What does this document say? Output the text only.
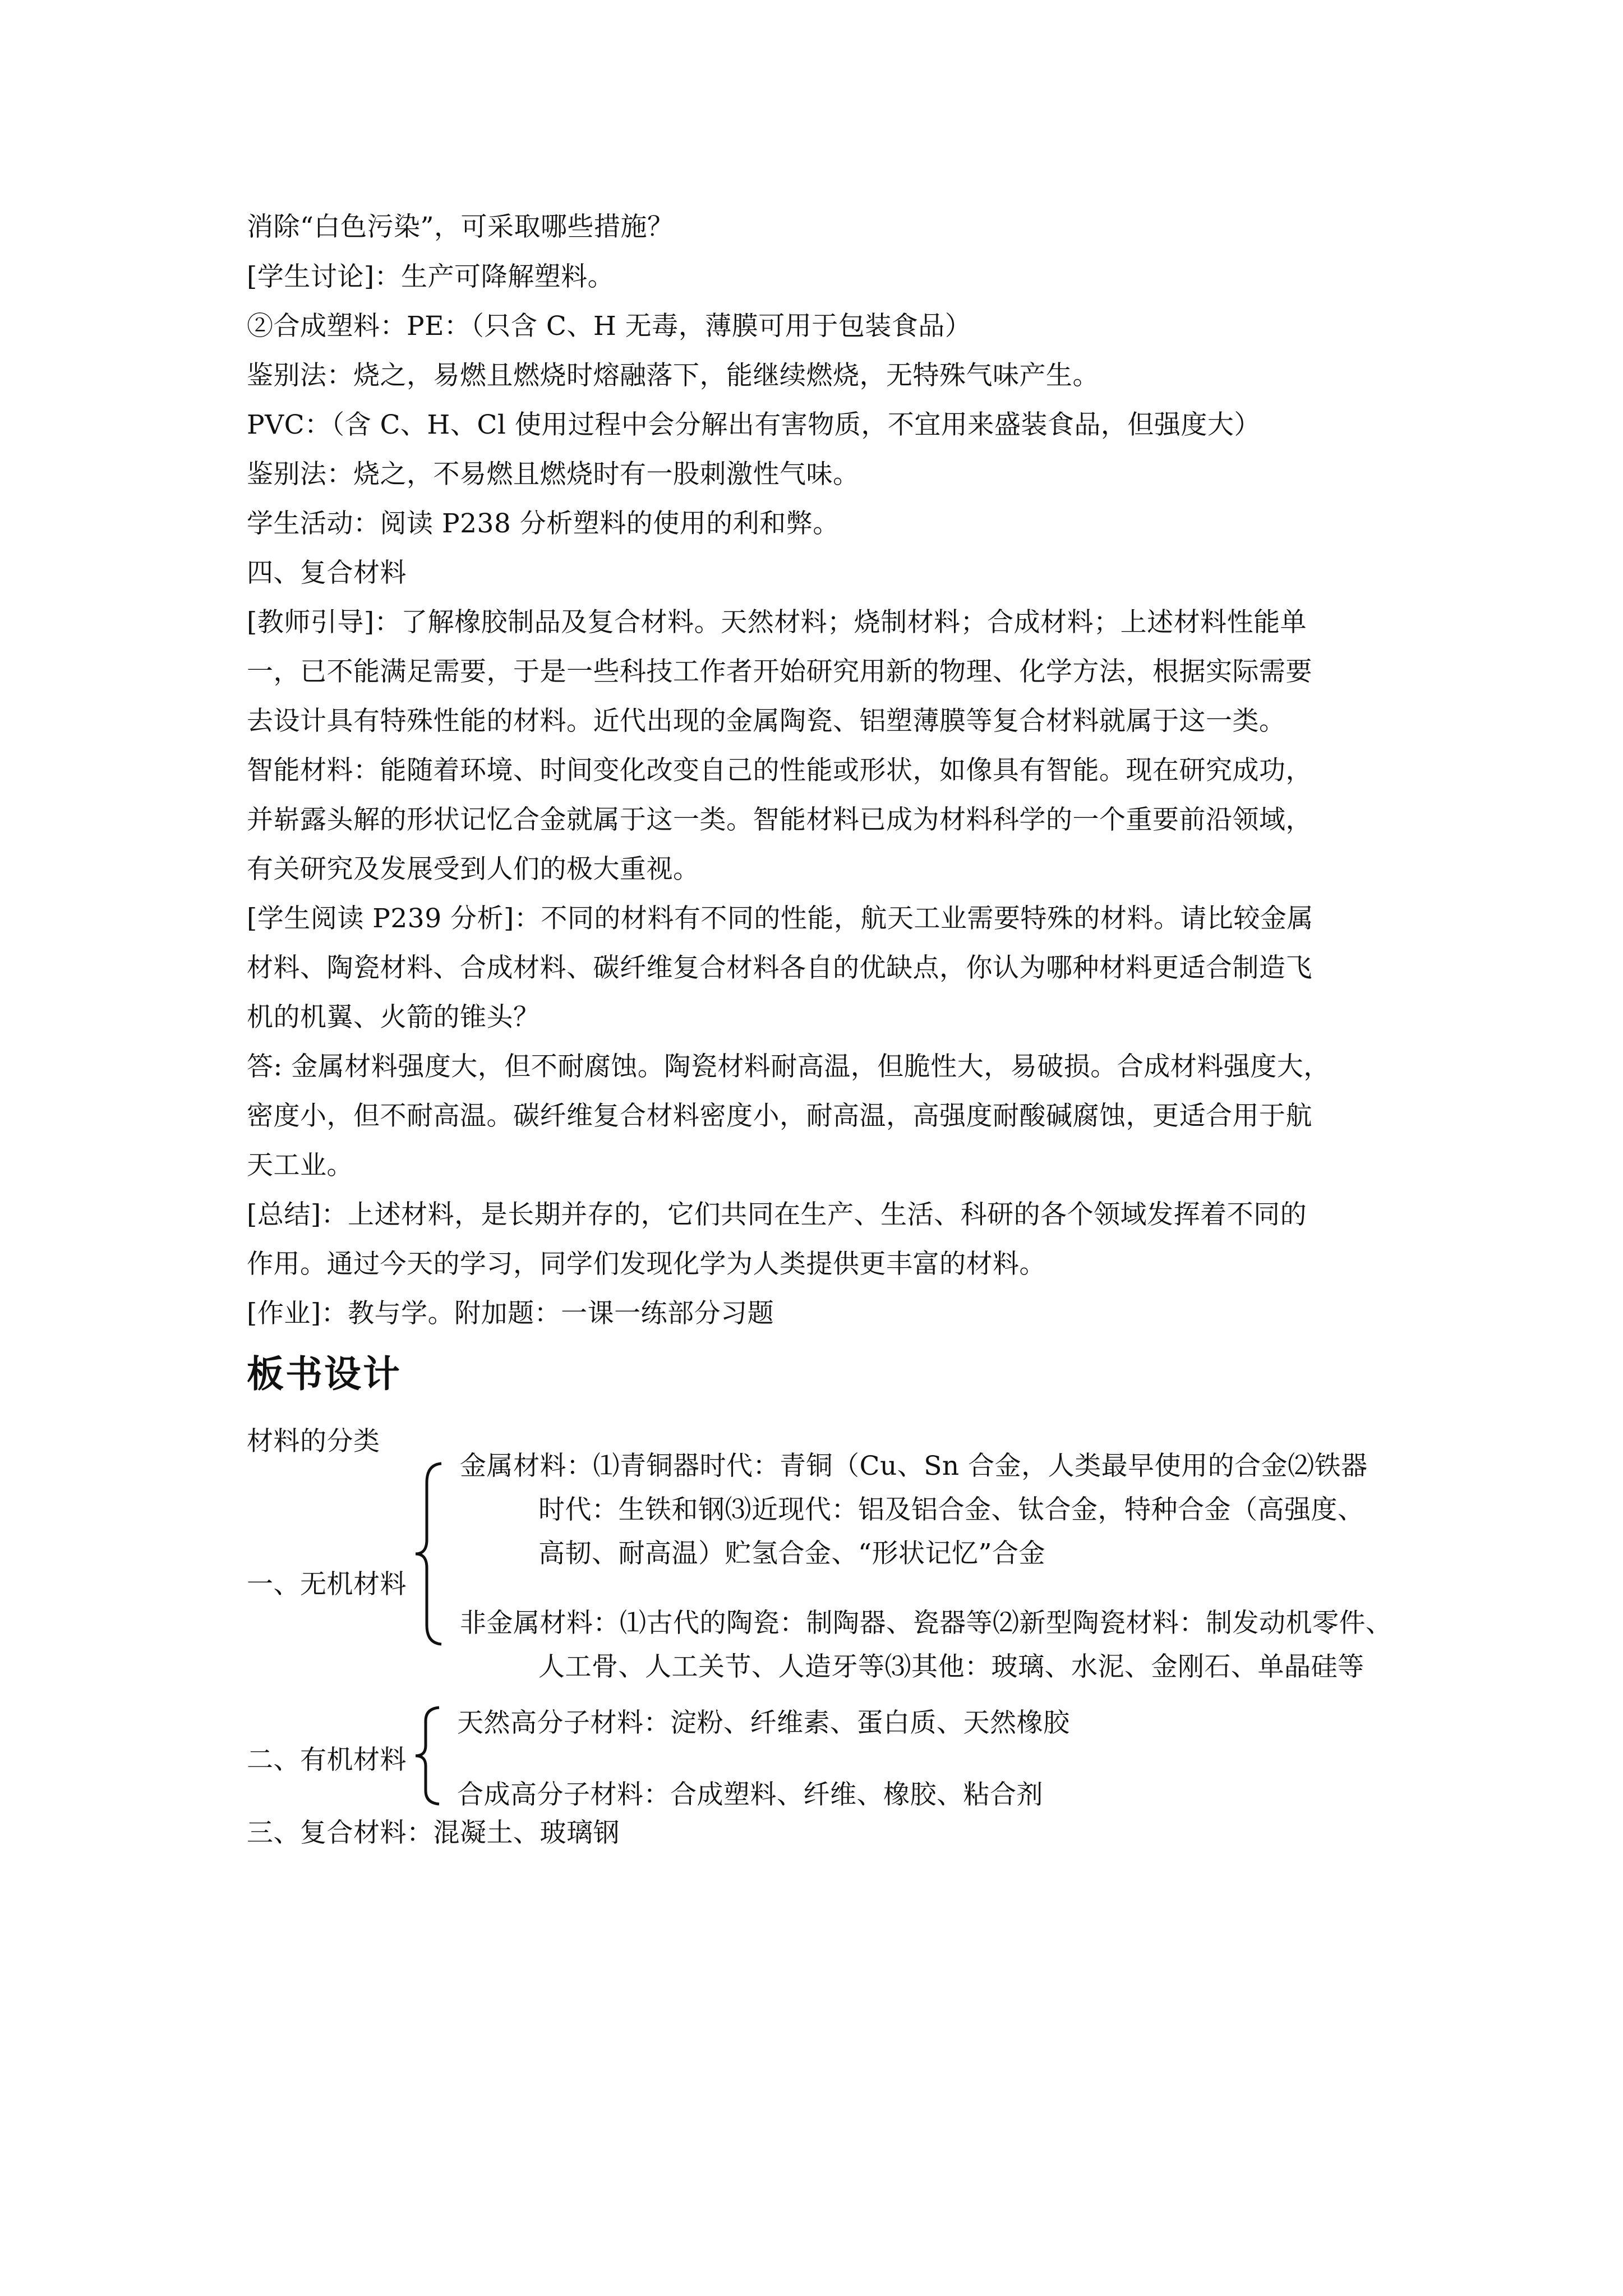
消除“白色污染”，可采取哪些措施？
[学生讨论]：生产可降解塑料。
②合成塑料：PE：（只含 C、H 无毒，薄膜可用于包装食品）
鉴别法：烧之，易燃且燃烧时熔融落下，能继续燃烧，无特殊气味产生。
PVC：（含 C、H、Cl 使用过程中会分解出有害物质，不宜用来盛装食品，但强度大）
鉴别法：烧之，不易燃且燃烧时有一股刺激性气味。
学生活动：阅读 P238 分析塑料的使用的利和弊。
四、复合材料
[教师引导]：了解橡胶制品及复合材料。天然材料；烧制材料；合成材料；上述材料性能单
一，已不能满足需要，于是一些科技工作者开始研究用新的物理、化学方法，根据实际需要
去设计具有特殊性能的材料。近代出现的金属陶瓷、铝塑薄膜等复合材料就属于这一类。
智能材料：能随着环境、时间变化改变自己的性能或形状，如像具有智能。现在研究成功，
并崭露头解的形状记忆合金就属于这一类。智能材料已成为材料科学的一个重要前沿领域，
有关研究及发展受到人们的极大重视。
[学生阅读 P239 分析]：不同的材料有不同的性能，航天工业需要特殊的材料。请比较金属
材料、陶瓷材料、合成材料、碳纤维复合材料各自的优缺点，你认为哪种材料更适合制造飞
机的机翼、火箭的锥头？
答: 金属材料强度大，但不耐腐蚀。陶瓷材料耐高温，但脆性大，易破损。合成材料强度大，
密度小，但不耐高温。碳纤维复合材料密度小，耐高温，高强度耐酸碱腐蚀，更适合用于航
天工业。
[总结]：上述材料，是长期并存的，它们共同在生产、生活、科研的各个领域发挥着不同的
作用。通过今天的学习，同学们发现化学为人类提供更丰富的材料。
[作业]：教与学。附加题：一课一练部分习题
板书设计
材料的分类
金属材料：⑴青铜器时代：青铜（Cu、Sn 合金，人类最早使用的合金⑵铁器
时代：生铁和钢⑶近现代：铝及铝合金、钛合金，特种合金（高强度、
高韧、耐高温）贮氢合金、“形状记忆”合金
一、无机材料
非金属材料：⑴古代的陶瓷：制陶器、瓷器等⑵新型陶瓷材料：制发动机零件、
人工骨、人工关节、人造牙等⑶其他：玻璃、水泥、金刚石、单晶硅等
天然高分子材料：淀粉、纤维素、蛋白质、天然橡胶
二、有机材料
合成高分子材料：合成塑料、纤维、橡胶、粘合剂
三、复合材料：混凝土、玻璃钢
